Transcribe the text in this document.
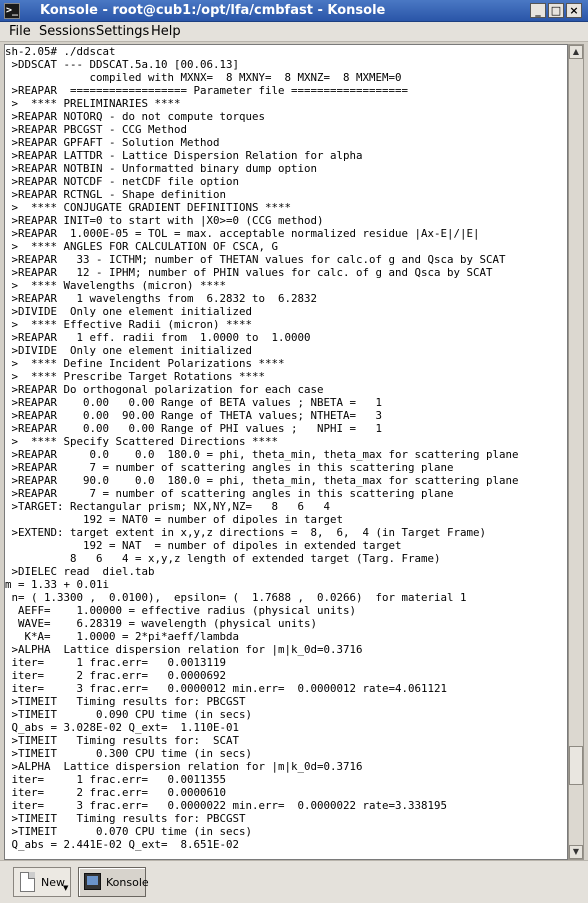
>_ Konsole - root@cub1:/opt/lfa/cmbfast - Konsole	_ □ ×
File Sessions Settings Help
sh-2.05# ./ddscat
>DDSCAT --- DDSCAT.5a.10 [00.06.13]
compiled with MXNX=  8 MXNY=  8 MXNZ=  8 MXMEM=0
>REAPAR  ================== Parameter file ==================
>  **** PRELIMINARIES ****
>REAPAR NOTORQ - do not compute torques
>REAPAR PBCGST - CCG Method
>REAPAR GPFAFT - Solution Method
>REAPAR LATTDR - Lattice Dispersion Relation for alpha
>REAPAR NOTBIN - Unformatted binary dump option
>REAPAR NOTCDF - netCDF file option
>REAPAR RCTNGL - Shape definition
>  **** CONJUGATE GRADIENT DEFINITIONS ****
>REAPAR INIT=0 to start with |X0>=0 (CCG method)
>REAPAR  1.000E-05 = TOL = max. acceptable normalized residue |Ax-E|/|E|
>  **** ANGLES FOR CALCULATION OF CSCA, G
>REAPAR   33 - ICTHM; number of THETAN values for calc.of g and Qsca by SCAT
>REAPAR   12 - IPHM; number of PHIN values for calc. of g and Qsca by SCAT
>  **** Wavelengths (micron) ****
>REAPAR   1 wavelengths from  6.2832 to  6.2832
>DIVIDE  Only one element initialized
>  **** Effective Radii (micron) ****
>REAPAR   1 eff. radii from  1.0000 to  1.0000
>DIVIDE  Only one element initialized
>  **** Define Incident Polarizations ****
>  **** Prescribe Target Rotations ****
>REAPAR Do orthogonal polarization for each case
>REAPAR    0.00   0.00 Range of BETA values ; NBETA =   1
>REAPAR    0.00  90.00 Range of THETA values; NTHETA=   3
>REAPAR    0.00   0.00 Range of PHI values ;   NPHI =   1
>  **** Specify Scattered Directions ****
>REAPAR     0.0    0.0  180.0 = phi, theta_min, theta_max for scattering plane
>REAPAR     7 = number of scattering angles in this scattering plane
>REAPAR    90.0    0.0  180.0 = phi, theta_min, theta_max for scattering plane
>REAPAR     7 = number of scattering angles in this scattering plane
>TARGET: Rectangular prism; NX,NY,NZ=   8   6   4
192 = NAT0 = number of dipoles in target
>EXTEND: target extent in x,y,z directions =  8,  6,  4 (in Target Frame)
192 = NAT  = number of dipoles in extended target
8   6   4 = x,y,z length of extended target (Targ. Frame)
>DIELEC read  diel.tab
m = 1.33 + 0.01i
n= ( 1.3300 ,  0.0100),  epsilon= (  1.7688 ,  0.0266)  for material 1
AEFF=    1.00000 = effective radius (physical units)
WAVE=    6.28319 = wavelength (physical units)
K*A=    1.0000 = 2*pi*aeff/lambda
>ALPHA  Lattice dispersion relation for |m|k_0d=0.3716
iter=     1 frac.err=   0.0013119
iter=     2 frac.err=   0.0000692
iter=     3 frac.err=   0.0000012 min.err=  0.0000012 rate=4.061121
>TIMEIT   Timing results for: PBCGST
>TIMEIT      0.090 CPU time (in secs)
Q_abs = 3.028E-02 Q_ext=  1.110E-01
>TIMEIT   Timing results for:  SCAT
>TIMEIT      0.300 CPU time (in secs)
>ALPHA  Lattice dispersion relation for |m|k_0d=0.3716
iter=     1 frac.err=   0.0011355
iter=     2 frac.err=   0.0000610
iter=     3 frac.err=   0.0000022 min.err=  0.0000022 rate=3.338195
>TIMEIT   Timing results for: PBCGST
>TIMEIT      0.070 CPU time (in secs)
Q_abs = 2.441E-02 Q_ext=  8.651E-02
▲
▼
New
▼	Konsole
